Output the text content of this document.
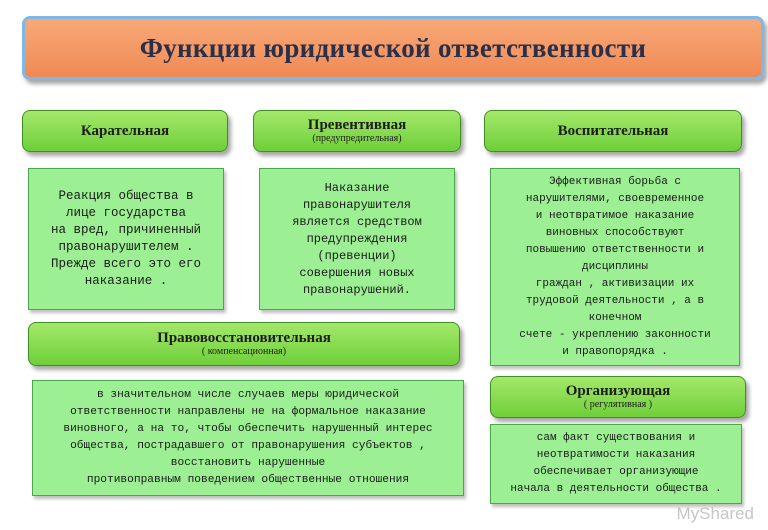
Функции юридической ответственности
Карательная
Реакция общества в
лице государства
на вред, причиненный
правонарушителем .
Прежде всего это его
наказание .
Превентивная
(предупредительная)
Наказание
правонарушителя
является средством
предупреждения
(превенции)
совершения новых
правонарушений.
Воспитательная
Эффективная борьба с
нарушителями, своевременное
и неотвратимое наказание
виновных способствуют
повышению ответственности и
дисциплины
граждан , активизации их
трудовой деятельности , а в
конечном
счете - укреплению законности
и правопорядка .
Правовосстановительная
( компенсационная)
в значительном числе случаев меры юридической
ответственности направлены не на формальное наказание
виновного, а на то, чтобы обеспечить нарушенный интерес
общества, пострадавшего от правонарушения субъектов ,
восстановить нарушенные
противоправным поведением общественные отношения
Организующая
( регулятивная )
сам факт существования и
неотвратимости наказания
обеспечивает организующие
начала в деятельности общества .
MyShared
